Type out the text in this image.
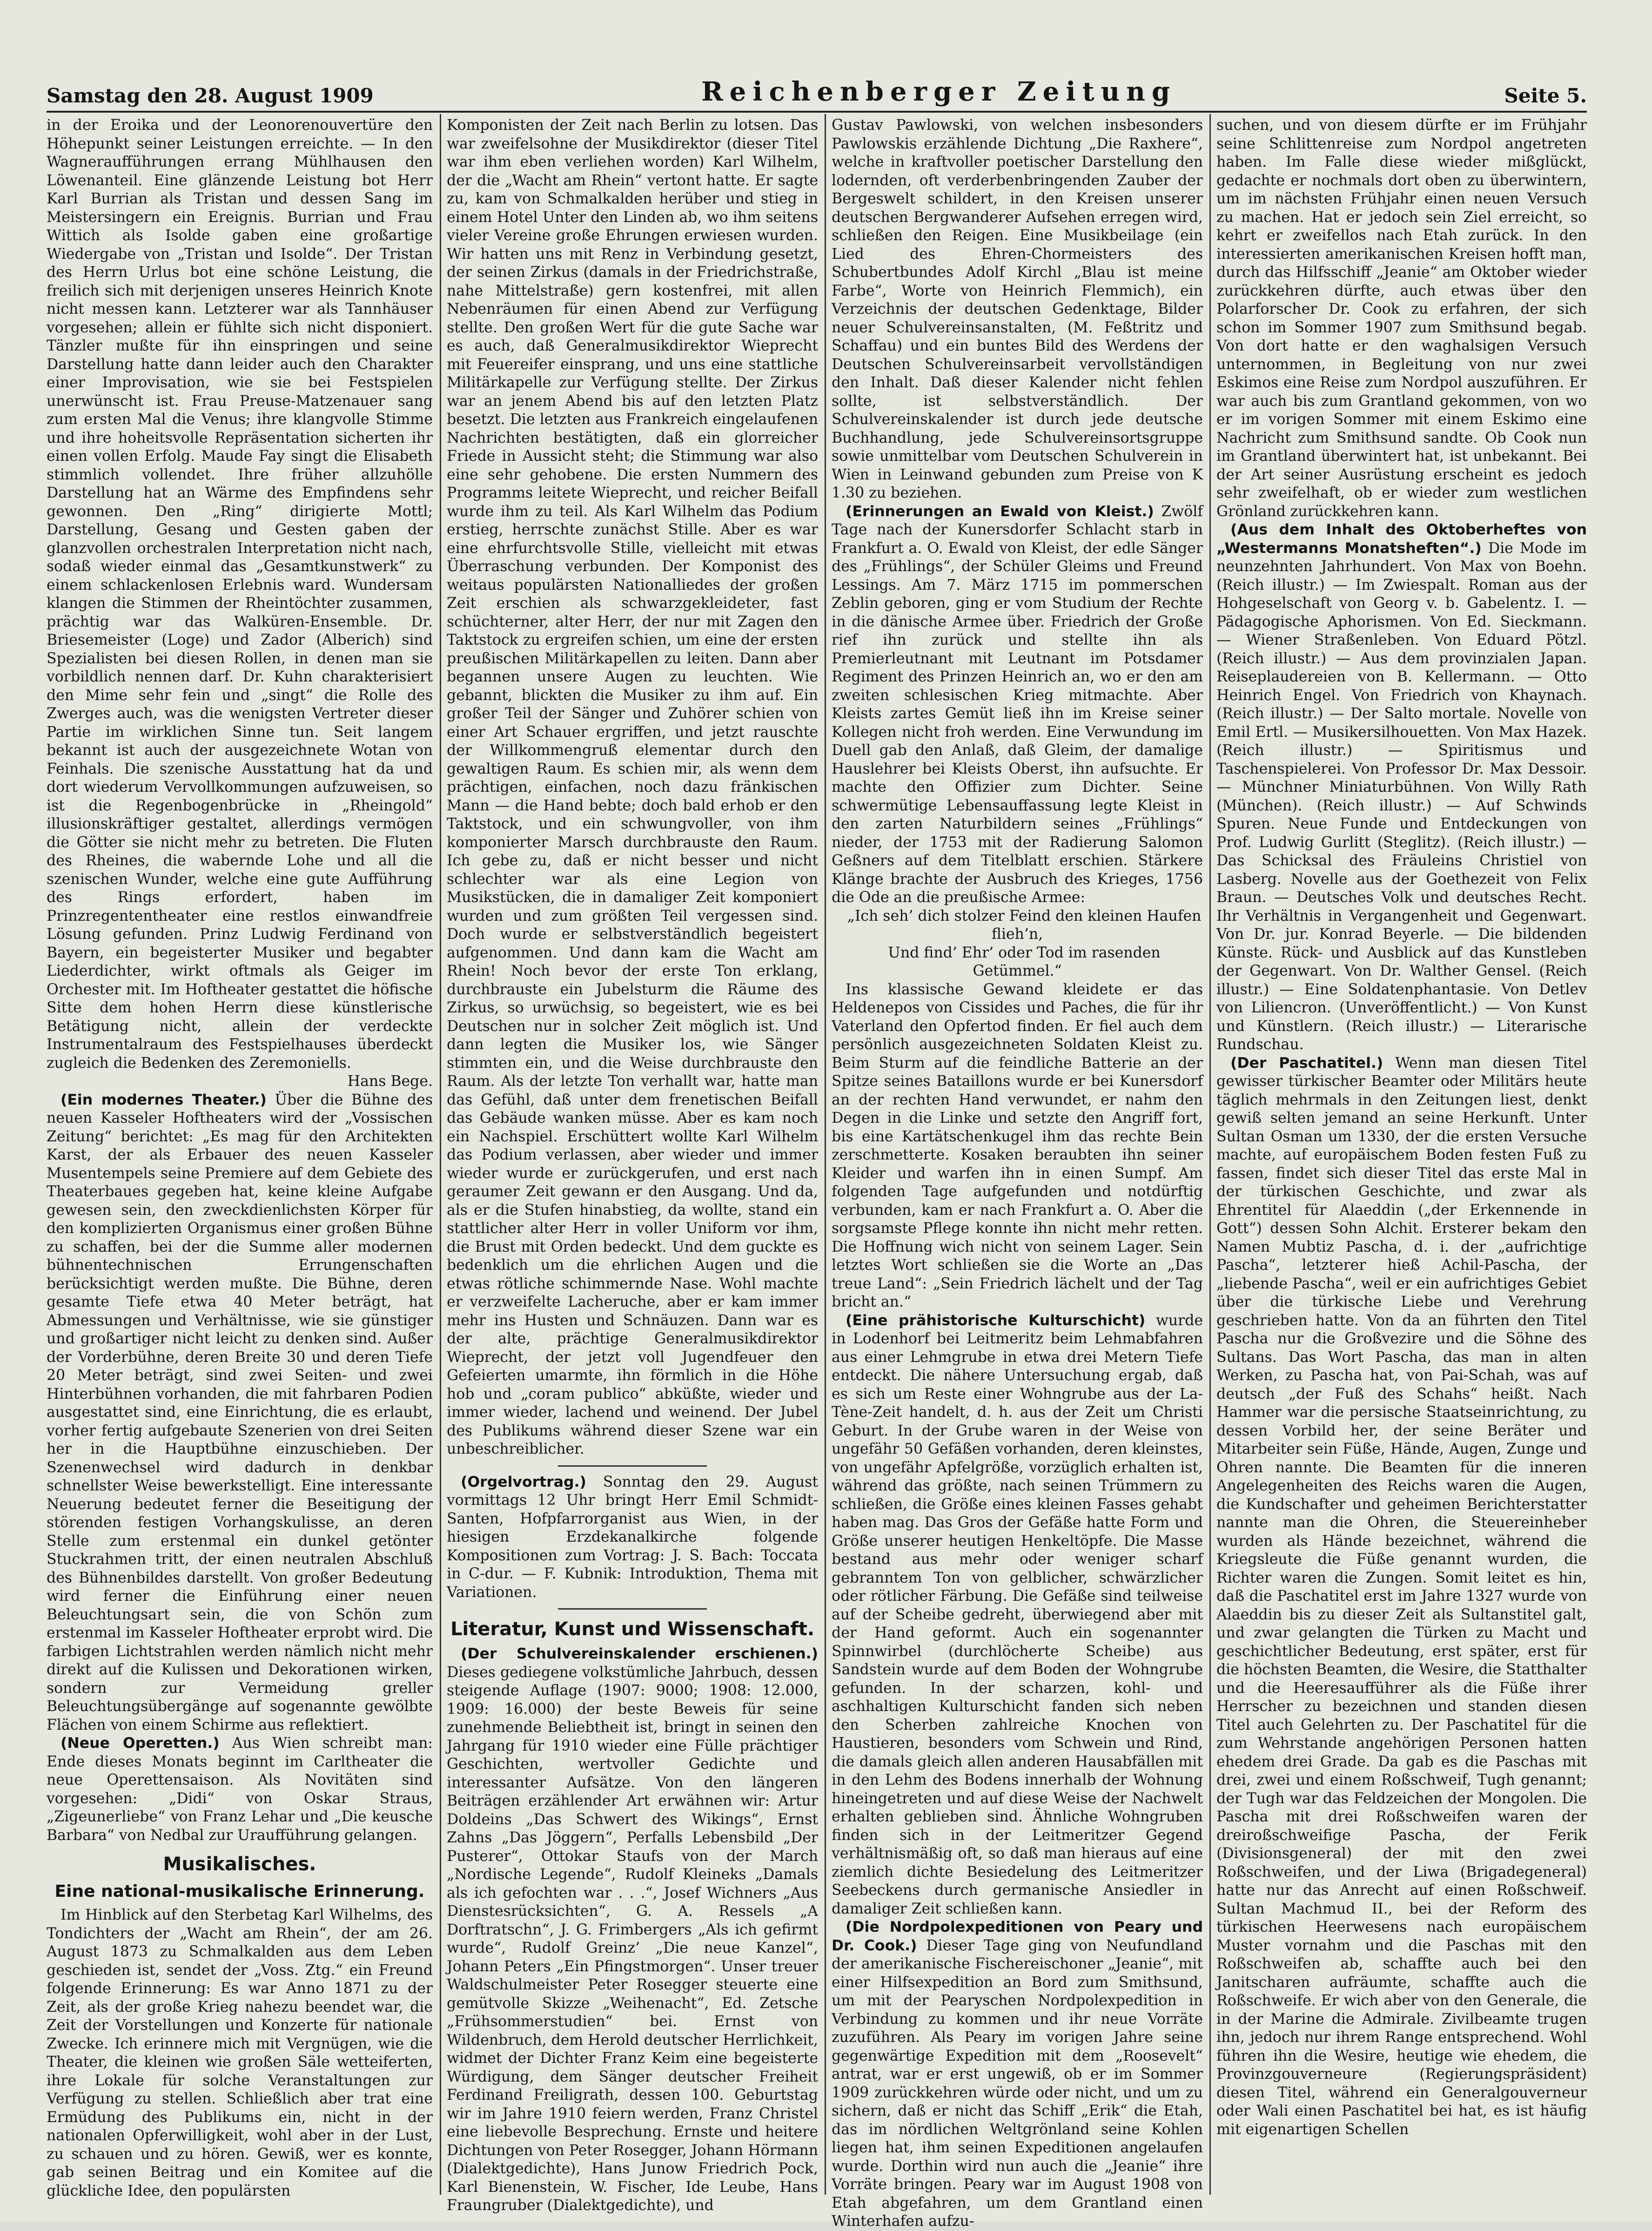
Samstag den 28. August 1909	Reichenberger Zeitung	Seite 5.

in der Eroika und der Leonorenouvertüre den Höhepunkt seiner Leistungen erreichte. — In den Wagneraufführungen errang Mühlhausen den Löwenanteil. Eine glänzende Leistung bot Herr Karl Burrian als Tristan und dessen Sang im Meistersingern ein Ereignis. Burrian und Frau Wittich als Isolde gaben eine großartige Wiedergabe von „Tristan und Isolde“. Der Tristan des Herrn Urlus bot eine schöne Leistung, die freilich sich mit derjenigen unseres Heinrich Knote nicht messen kann. Letzterer war als Tannhäuser vorgesehen; allein er fühlte sich nicht disponiert. Tänzler mußte für ihn einspringen und seine Darstellung hatte dann leider auch den Charakter einer Improvisation, wie sie bei Festspielen unerwünscht ist. Frau Preuse-Matzenauer sang zum ersten Mal die Venus; ihre klangvolle Stimme und ihre hoheitsvolle Repräsentation sicherten ihr einen vollen Erfolg. Maude Fay singt die Elisabeth stimmlich vollendet. Ihre früher allzuhölle Darstellung hat an Wärme des Empfindens sehr gewonnen. Den „Ring“ dirigierte Mottl; Darstellung, Gesang und Gesten gaben der glanzvollen orchestralen Interpretation nicht nach, sodaß wieder einmal das „Gesamtkunstwerk“ zu einem schlackenlosen Erlebnis ward. Wundersam klangen die Stimmen der Rheintöchter zusammen, prächtig war das Walküren-Ensemble. Dr. Briesemeister (Loge) und Zador (Alberich) sind Spezialisten bei diesen Rollen, in denen man sie vorbildlich nennen darf. Dr. Kuhn charakterisiert den Mime sehr fein und „singt“ die Rolle des Zwerges auch, was die wenigsten Vertreter dieser Partie im wirklichen Sinne tun. Seit langem bekannt ist auch der ausgezeichnete Wotan von Feinhals. Die szenische Ausstattung hat da und dort wiederum Vervollkommungen aufzuweisen, so ist die Regenbogenbrücke in „Rheingold“ illusionskräftiger gestaltet, allerdings vermögen die Götter sie nicht mehr zu betreten. Die Fluten des Rheines, die wabernde Lohe und all die szenischen Wunder, welche eine gute Aufführung des Rings erfordert, haben im Prinzregententheater eine restlos einwandfreie Lösung gefunden. Prinz Ludwig Ferdinand von Bayern, ein begeisterter Musiker und begabter Liederdichter, wirkt oftmals als Geiger im Orchester mit. Im Hoftheater gestattet die höfische Sitte dem hohen Herrn diese künstlerische Betätigung nicht, allein der verdeckte Instrumentalraum des Festspielhauses überdeckt zugleich die Bedenken des Zeremoniells.

Hans Bege.

(Ein modernes Theater.) Über die Bühne des neuen Kasseler Hoftheaters wird der „Vossischen Zeitung“ berichtet: „Es mag für den Architekten Karst, der als Erbauer des neuen Kasseler Musentempels seine Premiere auf dem Gebiete des Theaterbaues gegeben hat, keine kleine Aufgabe gewesen sein, den zweckdienlichsten Körper für den komplizierten Organismus einer großen Bühne zu schaffen, bei der die Summe aller modernen bühnentechnischen Errungenschaften berücksichtigt werden mußte. Die Bühne, deren gesamte Tiefe etwa 40 Meter beträgt, hat Abmessungen und Verhältnisse, wie sie günstiger und großartiger nicht leicht zu denken sind. Außer der Vorderbühne, deren Breite 30 und deren Tiefe 20 Meter beträgt, sind zwei Seiten- und zwei Hinterbühnen vorhanden, die mit fahrbaren Podien ausgestattet sind, eine Einrichtung, die es erlaubt, vorher fertig aufgebaute Szenerien von drei Seiten her in die Hauptbühne einzuschieben. Der Szenenwechsel wird dadurch in denkbar schnellster Weise bewerkstelligt. Eine interessante Neuerung bedeutet ferner die Beseitigung der störenden festigen Vorhangskulisse, an deren Stelle zum erstenmal ein dunkel getönter Stuckrahmen tritt, der einen neutralen Abschluß des Bühnenbildes darstellt. Von großer Bedeutung wird ferner die Einführung einer neuen Beleuchtungsart sein, die von Schön zum erstenmal im Kasseler Hoftheater erprobt wird. Die farbigen Lichtstrahlen werden nämlich nicht mehr direkt auf die Kulissen und Dekorationen wirken, sondern zur Vermeidung greller Beleuchtungsübergänge auf sogenannte gewölbte Flächen von einem Schirme aus reflektiert.

(Neue Operetten.) Aus Wien schreibt man: Ende dieses Monats beginnt im Carltheater die neue Operettensaison. Als Novitäten sind vorgesehen: „Didi“ von Oskar Straus, „Zigeunerliebe“ von Franz Lehar und „Die keusche Barbara“ von Nedbal zur Uraufführung gelangen.

Musikalisches.
Eine national-musikalische Erinnerung.

Im Hinblick auf den Sterbetag Karl Wilhelms, des Tondichters der „Wacht am Rhein“, der am 26. August 1873 zu Schmalkalden aus dem Leben geschieden ist, sendet der „Voss. Ztg.“ ein Freund folgende Erinnerung: Es war Anno 1871 zu der Zeit, als der große Krieg nahezu beendet war, die Zeit der Vorstellungen und Konzerte für nationale Zwecke. Ich erinnere mich mit Vergnügen, wie die Theater, die kleinen wie großen Säle wetteiferten, ihre Lokale für solche Veranstaltungen zur Verfügung zu stellen. Schließlich aber trat eine Ermüdung des Publikums ein, nicht in der nationalen Opferwilligkeit, wohl aber in der Lust, zu schauen und zu hören. Gewiß, wer es konnte, gab seinen Beitrag und ein Komitee auf die glückliche Idee, den populärsten

Komponisten der Zeit nach Berlin zu lotsen. Das war zweifelsohne der Musikdirektor (dieser Titel war ihm eben verliehen worden) Karl Wilhelm, der die „Wacht am Rhein“ vertont hatte. Er sagte zu, kam von Schmalkalden herüber und stieg in einem Hotel Unter den Linden ab, wo ihm seitens vieler Vereine große Ehrungen erwiesen wurden. Wir hatten uns mit Renz in Verbindung gesetzt, der seinen Zirkus (damals in der Friedrichstraße, nahe Mittelstraße) gern kostenfrei, mit allen Nebenräumen für einen Abend zur Verfügung stellte. Den großen Wert für die gute Sache war es auch, daß Generalmusikdirektor Wieprecht mit Feuereifer einsprang, und uns eine stattliche Militärkapelle zur Verfügung stellte. Der Zirkus war an jenem Abend bis auf den letzten Platz besetzt. Die letzten aus Frankreich eingelaufenen Nachrichten bestätigten, daß ein glorreicher Friede in Aussicht steht; die Stimmung war also eine sehr gehobene. Die ersten Nummern des Programms leitete Wieprecht, und reicher Beifall wurde ihm zu teil. Als Karl Wilhelm das Podium erstieg, herrschte zunächst Stille. Aber es war eine ehrfurchtsvolle Stille, vielleicht mit etwas Überraschung verbunden. Der Komponist des weitaus populärsten Nationalliedes der großen Zeit erschien als schwarzgekleideter, fast schüchterner, alter Herr, der nur mit Zagen den Taktstock zu ergreifen schien, um eine der ersten preußischen Militärkapellen zu leiten. Dann aber begannen unsere Augen zu leuchten. Wie gebannt, blickten die Musiker zu ihm auf. Ein großer Teil der Sänger und Zuhörer schien von einer Art Schauer ergriffen, und jetzt rauschte der Willkommengruß elementar durch den gewaltigen Raum. Es schien mir, als wenn dem prächtigen, einfachen, noch dazu fränkischen Mann — die Hand bebte; doch bald erhob er den Taktstock, und ein schwungvoller, von ihm komponierter Marsch durchbrauste den Raum. Ich gebe zu, daß er nicht besser und nicht schlechter war als eine Legion von Musikstücken, die in damaliger Zeit komponiert wurden und zum größten Teil vergessen sind. Doch wurde er selbstverständlich begeistert aufgenommen. Und dann kam die Wacht am Rhein! Noch bevor der erste Ton erklang, durchbrauste ein Jubelsturm die Räume des Zirkus, so urwüchsig, so begeistert, wie es bei Deutschen nur in solcher Zeit möglich ist. Und dann legten die Musiker los, wie Sänger stimmten ein, und die Weise durchbrauste den Raum. Als der letzte Ton verhallt war, hatte man das Gefühl, daß unter dem frenetischen Beifall das Gebäude wanken müsse. Aber es kam noch ein Nachspiel. Erschüttert wollte Karl Wilhelm das Podium verlassen, aber wieder und immer wieder wurde er zurückgerufen, und erst nach geraumer Zeit gewann er den Ausgang. Und da, als er die Stufen hinabstieg, da wollte, stand ein stattlicher alter Herr in voller Uniform vor ihm, die Brust mit Orden bedeckt. Und dem guckte es bedenklich um die ehrlichen Augen und die etwas rötliche schimmernde Nase. Wohl machte er verzweifelte Lacheruche, aber er kam immer mehr ins Husten und Schnäuzen. Dann war es der alte, prächtige Generalmusikdirektor Wieprecht, der jetzt voll Jugendfeuer den Gefeierten umarmte, ihn förmlich in die Höhe hob und „coram publico“ abküßte, wieder und immer wieder, lachend und weinend. Der Jubel des Publikums während dieser Szene war ein unbeschreiblicher.

(Orgelvortrag.) Sonntag den 29. August vormittags 12 Uhr bringt Herr Emil Schmidt-Santen, Hofpfarrorganist aus Wien, in der hiesigen Erzdekanalkirche folgende Kompositionen zum Vortrag: J. S. Bach: Toccata in C-dur. — F. Kubnik: Introduktion, Thema mit Variationen.

Literatur, Kunst und Wissenschaft.

(Der Schulvereinskalender erschienen.) Dieses gediegene volkstümliche Jahrbuch, dessen steigende Auflage (1907: 9000; 1908: 12.000, 1909: 16.000) der beste Beweis für seine zunehmende Beliebtheit ist, bringt in seinen den Jahrgang für 1910 wieder eine Fülle prächtiger Geschichten, wertvoller Gedichte und interessanter Aufsätze. Von den längeren Beiträgen erzählender Art erwähnen wir: Artur Doldeins „Das Schwert des Wikings“, Ernst Zahns „Das Jöggern“, Perfalls Lebensbild „Der Pusterer“, Ottokar Staufs von der March „Nordische Legende“, Rudolf Kleineks „Damals als ich gefochten war . . .“, Josef Wichners „Aus Dienstesrücksichten“, G. A. Ressels „A Dorftratschn“, J. G. Frimbergers „Als ich gefirmt wurde“, Rudolf Greinz’ „Die neue Kanzel“, Johann Peters „Ein Pfingstmorgen“. Unser treuer Waldschulmeister Peter Rosegger steuerte eine gemütvolle Skizze „Weihenacht“, Ed. Zetsche „Frühsommerstudien“ bei. Ernst von Wildenbruch, dem Herold deutscher Herrlichkeit, widmet der Dichter Franz Keim eine begeisterte Würdigung, dem Sänger deutscher Freiheit Ferdinand Freiligrath, dessen 100. Geburtstag wir im Jahre 1910 feiern werden, Franz Christel eine liebevolle Besprechung. Ernste und heitere Dichtungen von Peter Rosegger, Johann Hörmann (Dialektgedichte), Hans Junow Friedrich Pock, Karl Bienenstein, W. Fischer, Ide Leube, Hans Fraungruber (Dialektgedichte), und

Gustav Pawlowski, von welchen insbesonders Pawlowskis erzählende Dichtung „Die Raxhere“, welche in kraftvoller poetischer Darstellung den lodernden, oft verderbenbringenden Zauber der Bergeswelt schildert, in den Kreisen unserer deutschen Bergwanderer Aufsehen erregen wird, schließen den Reigen. Eine Musikbeilage (ein Lied des Ehren-Chormeisters des Schubertbundes Adolf Kirchl „Blau ist meine Farbe“, Worte von Heinrich Flemmich), ein Verzeichnis der deutschen Gedenktage, Bilder neuer Schulvereinsanstalten, (M. Feßtritz und Schaffau) und ein buntes Bild des Werdens der Deutschen Schulvereinsarbeit vervollständigen den Inhalt. Daß dieser Kalender nicht fehlen sollte, ist selbstverständlich. Der Schulvereinskalender ist durch jede deutsche Buchhandlung, jede Schulvereinsortsgruppe sowie unmittelbar vom Deutschen Schulverein in Wien in Leinwand gebunden zum Preise von K 1.30 zu beziehen.

(Erinnerungen an Ewald von Kleist.) Zwölf Tage nach der Kunersdorfer Schlacht starb in Frankfurt a. O. Ewald von Kleist, der edle Sänger des „Frühlings“, der Schüler Gleims und Freund Lessings. Am 7. März 1715 im pommerschen Zeblin geboren, ging er vom Studium der Rechte in die dänische Armee über. Friedrich der Große rief ihn zurück und stellte ihn als Premierleutnant mit Leutnant im Potsdamer Regiment des Prinzen Heinrich an, wo er den am zweiten schlesischen Krieg mitmachte. Aber Kleists zartes Gemüt ließ ihn im Kreise seiner Kollegen nicht froh werden. Eine Verwundung im Duell gab den Anlaß, daß Gleim, der damalige Hauslehrer bei Kleists Oberst, ihn aufsuchte. Er machte den Offizier zum Dichter. Seine schwermütige Lebensauffassung legte Kleist in den zarten Naturbildern seines „Frühlings“ nieder, der 1753 mit der Radierung Salomon Geßners auf dem Titelblatt erschien. Stärkere Klänge brachte der Ausbruch des Krieges, 1756 die Ode an die preußische Armee:

„Ich seh’ dich stolzer Feind den kleinen Haufen flieh’n,

Und find’ Ehr’ oder Tod im rasenden Getümmel.“

Ins klassische Gewand kleidete er das Heldenepos von Cissides und Paches, die für ihr Vaterland den Opfertod finden. Er fiel auch dem persönlich ausgezeichneten Soldaten Kleist zu. Beim Sturm auf die feindliche Batterie an der Spitze seines Bataillons wurde er bei Kunersdorf an der rechten Hand verwundet, er nahm den Degen in die Linke und setzte den Angriff fort, bis eine Kartätschenkugel ihm das rechte Bein zerschmetterte. Kosaken beraubten ihn seiner Kleider und warfen ihn in einen Sumpf. Am folgenden Tage aufgefunden und notdürftig verbunden, kam er nach Frankfurt a. O. Aber die sorgsamste Pflege konnte ihn nicht mehr retten. Die Hoffnung wich nicht von seinem Lager. Sein letztes Wort schließen sie die Worte an „Das treue Land“: „Sein Friedrich lächelt und der Tag bricht an.“

(Eine prähistorische Kulturschicht) wurde in Lodenhorf bei Leitmeritz beim Lehmabfahren aus einer Lehmgrube in etwa drei Metern Tiefe entdeckt. Die nähere Untersuchung ergab, daß es sich um Reste einer Wohngrube aus der La-Tène-Zeit handelt, d. h. aus der Zeit um Christi Geburt. In der Grube waren in der Weise von ungefähr 50 Gefäßen vorhanden, deren kleinstes, von ungefähr Apfelgröße, vorzüglich erhalten ist, während das größte, nach seinen Trümmern zu schließen, die Größe eines kleinen Fasses gehabt haben mag. Das Gros der Gefäße hatte Form und Größe unserer heutigen Henkeltöpfe. Die Masse bestand aus mehr oder weniger scharf gebranntem Ton von gelblicher, schwärzlicher oder rötlicher Färbung. Die Gefäße sind teilweise auf der Scheibe gedreht, überwiegend aber mit der Hand geformt. Auch ein sogenannter Spinnwirbel (durchlöcherte Scheibe) aus Sandstein wurde auf dem Boden der Wohngrube gefunden. In der scharzen, kohl- und aschhaltigen Kulturschicht fanden sich neben den Scherben zahlreiche Knochen von Haustieren, besonders vom Schwein und Rind, die damals gleich allen anderen Hausabfällen mit in den Lehm des Bodens innerhalb der Wohnung hineingetreten und auf diese Weise der Nachwelt erhalten geblieben sind. Ähnliche Wohngruben finden sich in der Leitmeritzer Gegend verhältnismäßig oft, so daß man hieraus auf eine ziemlich dichte Besiedelung des Leitmeritzer Seebeckens durch germanische Ansiedler in damaliger Zeit schließen kann.

(Die Nordpolexpeditionen von Peary und Dr. Cook.) Dieser Tage ging von Neufundland der amerikanische Fischereischoner „Jeanie“, mit einer Hilfsexpedition an Bord zum Smithsund, um mit der Pearyschen Nordpolexpedition in Verbindung zu kommen und ihr neue Vorräte zuzuführen. Als Peary im vorigen Jahre seine gegenwärtige Expedition mit dem „Roosevelt“ antrat, war er erst ungewiß, ob er im Sommer 1909 zurückkehren würde oder nicht, und um zu sichern, daß er nicht das Schiff „Erik“ die Etah, das im nördlichen Weltgrönland seine Kohlen liegen hat, ihm seinen Expeditionen angelaufen wurde. Dorthin wird nun auch die „Jeanie“ ihre Vorräte bringen. Peary war im August 1908 von Etah abgefahren, um dem Grantland einen Winterhafen aufzu-

suchen, und von diesem dürfte er im Frühjahr seine Schlittenreise zum Nordpol angetreten haben. Im Falle diese wieder mißglückt, gedachte er nochmals dort oben zu überwintern, um im nächsten Frühjahr einen neuen Versuch zu machen. Hat er jedoch sein Ziel erreicht, so kehrt er zweifellos nach Etah zurück. In den interessierten amerikanischen Kreisen hofft man, durch das Hilfsschiff „Jeanie“ am Oktober wieder zurückkehren dürfte, auch etwas über den Polarforscher Dr. Cook zu erfahren, der sich schon im Sommer 1907 zum Smithsund begab. Von dort hatte er den waghalsigen Versuch unternommen, in Begleitung von nur zwei Eskimos eine Reise zum Nordpol auszuführen. Er war auch bis zum Grantland gekommen, von wo er im vorigen Sommer mit einem Eskimo eine Nachricht zum Smithsund sandte. Ob Cook nun im Grantland überwintert hat, ist unbekannt. Bei der Art seiner Ausrüstung erscheint es jedoch sehr zweifelhaft, ob er wieder zum westlichen Grönland zurückkehren kann.

(Aus dem Inhalt des Oktoberheftes von „Westermanns Monatsheften“.) Die Mode im neunzehnten Jahrhundert. Von Max von Boehn. (Reich illustr.) — Im Zwiespalt. Roman aus der Hohgeselschaft von Georg v. b. Gabelentz. I. — Pädagogische Aphorismen. Von Ed. Sieckmann. — Wiener Straßenleben. Von Eduard Pötzl. (Reich illustr.) — Aus dem provinzialen Japan. Reiseplaudereien von B. Kellermann. — Otto Heinrich Engel. Von Friedrich von Khaynach. (Reich illustr.) — Der Salto mortale. Novelle von Emil Ertl. — Musikersilhouetten. Von Max Hazek. (Reich illustr.) — Spiritismus und Taschenspielerei. Von Professor Dr. Max Dessoir. — Münchner Miniaturbühnen. Von Willy Rath (München). (Reich illustr.) — Auf Schwinds Spuren. Neue Funde und Entdeckungen von Prof. Ludwig Gurlitt (Steglitz). (Reich illustr.) — Das Schicksal des Fräuleins Christiel von Lasberg. Novelle aus der Goethezeit von Felix Braun. — Deutsches Volk und deutsches Recht. Ihr Verhältnis in Vergangenheit und Gegenwart. Von Dr. jur. Konrad Beyerle. — Die bildenden Künste. Rück- und Ausblick auf das Kunstleben der Gegenwart. Von Dr. Walther Gensel. (Reich illustr.) — Eine Soldatenphantasie. Von Detlev von Liliencron. (Unveröffentlicht.) — Von Kunst und Künstlern. (Reich illustr.) — Literarische Rundschau.

(Der Paschatitel.) Wenn man diesen Titel gewisser türkischer Beamter oder Militärs heute täglich mehrmals in den Zeitungen liest, denkt gewiß selten jemand an seine Herkunft. Unter Sultan Osman um 1330, der die ersten Versuche machte, auf europäischem Boden festen Fuß zu fassen, findet sich dieser Titel das erste Mal in der türkischen Geschichte, und zwar als Ehrentitel für Alaeddin („der Erkennende in Gott“) dessen Sohn Alchit. Ersterer bekam den Namen Mubtiz Pascha, d. i. der „aufrichtige Pascha“, letzterer hieß Achil-Pascha, der „liebende Pascha“, weil er ein aufrichtiges Gebiet über die türkische Liebe und Verehrung geschrieben hatte. Von da an führten den Titel Pascha nur die Großvezire und die Söhne des Sultans. Das Wort Pascha, das man in alten Werken, zu Pascha hat, von Pai-Schah, was auf deutsch „der Fuß des Schahs“ heißt. Nach Hammer war die persische Staatseinrichtung, zu dessen Vorbild her, der seine Beräter und Mitarbeiter sein Füße, Hände, Augen, Zunge und Ohren nannte. Die Beamten für die inneren Angelegenheiten des Reichs waren die Augen, die Kundschafter und geheimen Berichterstatter nannte man die Ohren, die Steuereinheber wurden als Hände bezeichnet, während die Kriegsleute die Füße genannt wurden, die Richter waren die Zungen. Somit leitet es hin, daß die Paschatitel erst im Jahre 1327 wurde von Alaeddin bis zu dieser Zeit als Sultanstitel galt, und zwar gelangten die Türken zu Macht und geschichtlicher Bedeutung, erst später, erst für die höchsten Beamten, die Wesire, die Statthalter und die Heeresaufführer als die Füße ihrer Herrscher zu bezeichnen und standen diesen Titel auch Gelehrten zu. Der Paschatitel für die zum Wehrstande angehörigen Personen hatten ehedem drei Grade. Da gab es die Paschas mit drei, zwei und einem Roßschweif, Tugh genannt; der Tugh war das Feldzeichen der Mongolen. Die Pascha mit drei Roßschweifen waren der dreiroßschweifige Pascha, der Ferik (Divisionsgeneral) der mit den zwei Roßschweifen, und der Liwa (Brigadegeneral) hatte nur das Anrecht auf einen Roßschweif. Sultan Machmud II., bei der Reform des türkischen Heerwesens nach europäischem Muster vornahm und die Paschas mit den Roßschweifen ab, schaffte auch bei den Janitscharen aufräumte, schaffte auch die Roßschweife. Er wich aber von den Generale, die in der Marine die Admirale. Zivilbeamte trugen ihn, jedoch nur ihrem Range entsprechend. Wohl führen ihn die Wesire, heutige wie ehedem, die Provinzgouverneure (Regierungspräsident) diesen Titel, während ein Generalgouverneur oder Wali einen Paschatitel bei hat, es ist häufig mit eigenartigen Schellen
